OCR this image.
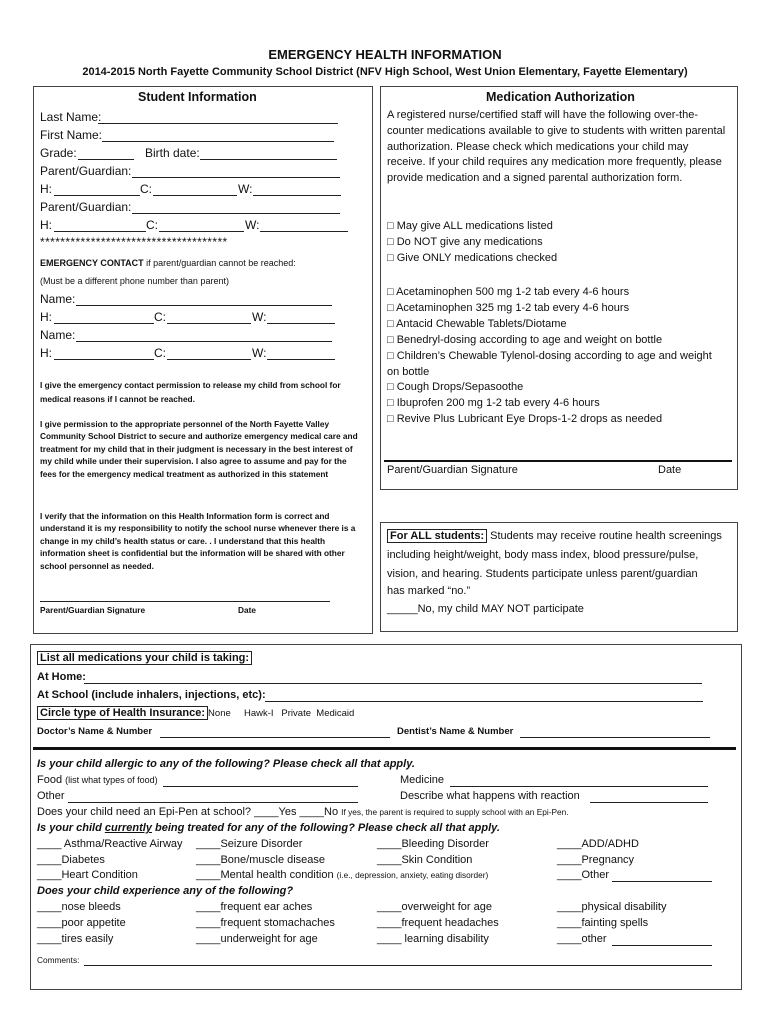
EMERGENCY HEALTH INFORMATION
2014-2015 North Fayette Community School District (NFV High School, West Union Elementary, Fayette Elementary)
Student Information
Last Name:
First Name:
Grade:	Birth date:
Parent/Guardian:
H:	C:	W:
Parent/Guardian:
H:	C:	W:
*************************************
EMERGENCY CONTACT if parent/guardian cannot be reached:
(Must be a different phone number than parent)
Name:
H:	C:	W:
Name:
H:	C:	W:
I give the emergency contact permission to release my child from school for medical reasons if I cannot be reached.
I give permission to the appropriate personnel of the North Fayette Valley Community School District to secure and authorize emergency medical care and treatment for my child that in their judgment is necessary in the best interest of my child while under their supervision. I also agree to assume and pay for the fees for the emergency medical treatment as authorized in this statement
I verify that the information on this Health Information form is correct and understand it is my responsibility to notify the school nurse whenever there is a change in my child’s health status or care. . I understand that this health information sheet is confidential but the information will be shared with other school personnel as needed.
Parent/Guardian Signature	Date
Medication Authorization
A registered nurse/certified staff will have the following over-the-counter medications available to give to students with written parental authorization. Please check which medications your child may receive. If your child requires any medication more frequently, please provide medication and a signed parental authorization form.
□ May give ALL medications listed
□ Do NOT give any medications
□ Give ONLY medications checked
□ Acetaminophen 500 mg 1-2 tab every 4-6 hours
□ Acetaminophen 325 mg 1-2 tab every 4-6 hours
□ Antacid Chewable Tablets/Diotame
□ Benedryl-dosing according to age and weight on bottle
□ Children’s Chewable Tylenol-dosing according to age and weight
on bottle
□ Cough Drops/Sepasoothe
□ Ibuprofen 200 mg 1-2 tab every 4-6 hours
□ Revive Plus Lubricant Eye Drops-1-2 drops as needed
Parent/Guardian Signature	Date
For ALL students: Students may receive routine health screenings
including height/weight, body mass index, blood pressure/pulse,
vision, and hearing. Students participate unless parent/guardian
has marked “no.”
_____No, my child MAY NOT participate
List all medications your child is taking:
At Home:
At School (include inhalers, injections, etc):
Circle type of Health Insurance: None     Hawk-I   Private  Medicaid
Doctor’s Name & Number	Dentist’s Name & Number
Is your child allergic to any of the following? Please check all that apply.
Food (list what types of food)	Medicine
Other	Describe what happens with reaction
Does your child need an Epi-Pen at school? ____Yes ____No If yes, the parent is required to supply school with an Epi-Pen.
Is your child currently being treated for any of the following? Please check all that apply.
____ Asthma/Reactive Airway ____Seizure Disorder	____Bleeding Disorder	____ADD/ADHD
____Diabetes	____Bone/muscle disease	____Skin Condition	____Pregnancy
____Heart Condition	____Mental health condition (i.e., depression, anxiety, eating disorder)	____Other
Does your child experience any of the following?
____nose bleeds	____frequent ear aches	____overweight for age	____physical disability
____poor appetite	____frequent stomachaches	____frequent headaches	____fainting spells
____tires easily	____underweight for age	____ learning disability	____other
Comments:
